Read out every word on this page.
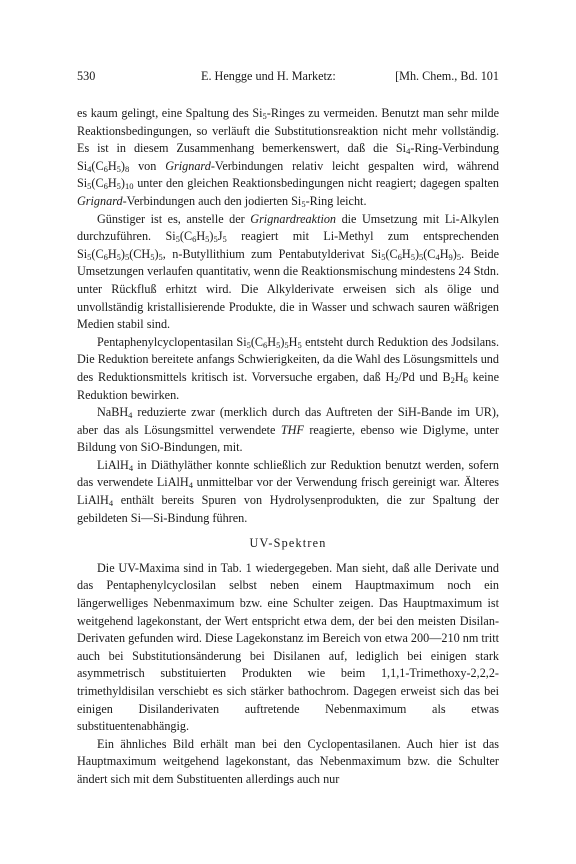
530	E. Hengge und H. Marketz:	[Mh. Chem., Bd. 101

es kaum gelingt, eine Spaltung des $Si_5$-Ringes zu vermeiden. Benutzt man sehr milde Reaktionsbedingungen, so verläuft die Substitutionsreaktion nicht mehr vollständig. Es ist in diesem Zusammenhang bemerkenswert, daß die $Si_4-Ring$-Verbindung $Si_4(C_6H_5)_8$ von Grignard-Verbindungen relativ leicht gespalten wird, während $Si_5(C_6H_5)_{10}$ unter den gleichen Reaktionsbedingungen nicht reagiert; dagegen spalten Grignard-Verbindungen auch den jodierten $Si_5$-Ring leicht.

Günstiger ist es, anstelle der Grignardreaktion die Umsetzung mit Li-Alkylen durchzuführen. $Si_5(C_6H_5)_5J_5$ reagiert mit Li-Methyl zum entsprechenden $Si_5(C_6H_5)_5(CH_5)_5$, n-Butyllithium zum Pentabutylderivat $Si_5(C_6H_5)_5(C_4H_9)_5$. Beide Umsetzungen verlaufen quantitativ, wenn die Reaktionsmischung mindestens 24 Stdn. unter Rückfluß erhitzt wird. Die Alkylderivate erweisen sich als ölige und unvollständig kristallisierende Produkte, die in Wasser und schwach sauren wäßrigen Medien stabil sind.

Pentaphenylcyclopentasilan $Si_5(C_6H_5)_5H_5$ entsteht durch Reduktion des Jodsilans. Die Reduktion bereitete anfangs Schwierigkeiten, da die Wahl des Lösungsmittels und des Reduktionsmittels kritisch ist. Vorversuche ergaben, daß $H_2/Pd$ und $B_2H_6$ keine Reduktion bewirken.

NaBH$_4$ reduzierte zwar (merklich durch das Auftreten der SiH-Bande im UR), aber das als Lösungsmittel verwendete THF reagierte, ebenso wie Diglyme, unter Bildung von SiO-Bindungen, mit.

LiAlH$_4$ in Diäthyläther konnte schließlich zur Reduktion benutzt werden, sofern das verwendete LiAlH$_4$ unmittelbar vor der Verwendung frisch gereinigt war. Älteres LiAlH$_4$ enthält bereits Spuren von Hydrolysenprodukten, die zur Spaltung der gebildeten Si—Si-Bindung führen.

UV-Spektren

Die UV-Maxima sind in Tab. 1 wiedergegeben. Man sieht, daß alle Derivate und das Pentaphenylcyclosilan selbst neben einem Hauptmaximum noch ein längerwelliges Nebenmaximum bzw. eine Schulter zeigen. Das Hauptmaximum ist weitgehend lagekonstant, der Wert entspricht etwa dem, der bei den meisten Disilan-Derivaten gefunden wird. Diese Lagekonstanz im Bereich von etwa 200—210 nm tritt auch bei Substitutionsänderung bei Disilanen auf, lediglich bei einigen stark asymmetrisch substituierten Produkten wie beim 1,1,1-Trimethoxy-2,2,2-trimethyldisilan verschiebt es sich stärker bathochrom. Dagegen erweist sich das bei einigen Disilanderivaten auftretende Nebenmaximum als etwas substituentenabhängig.

Ein ähnliches Bild erhält man bei den Cyclopentasilanen. Auch hier ist das Hauptmaximum weitgehend lagekonstant, das Nebenmaximum bzw. die Schulter ändert sich mit dem Substituenten allerdings auch nur
